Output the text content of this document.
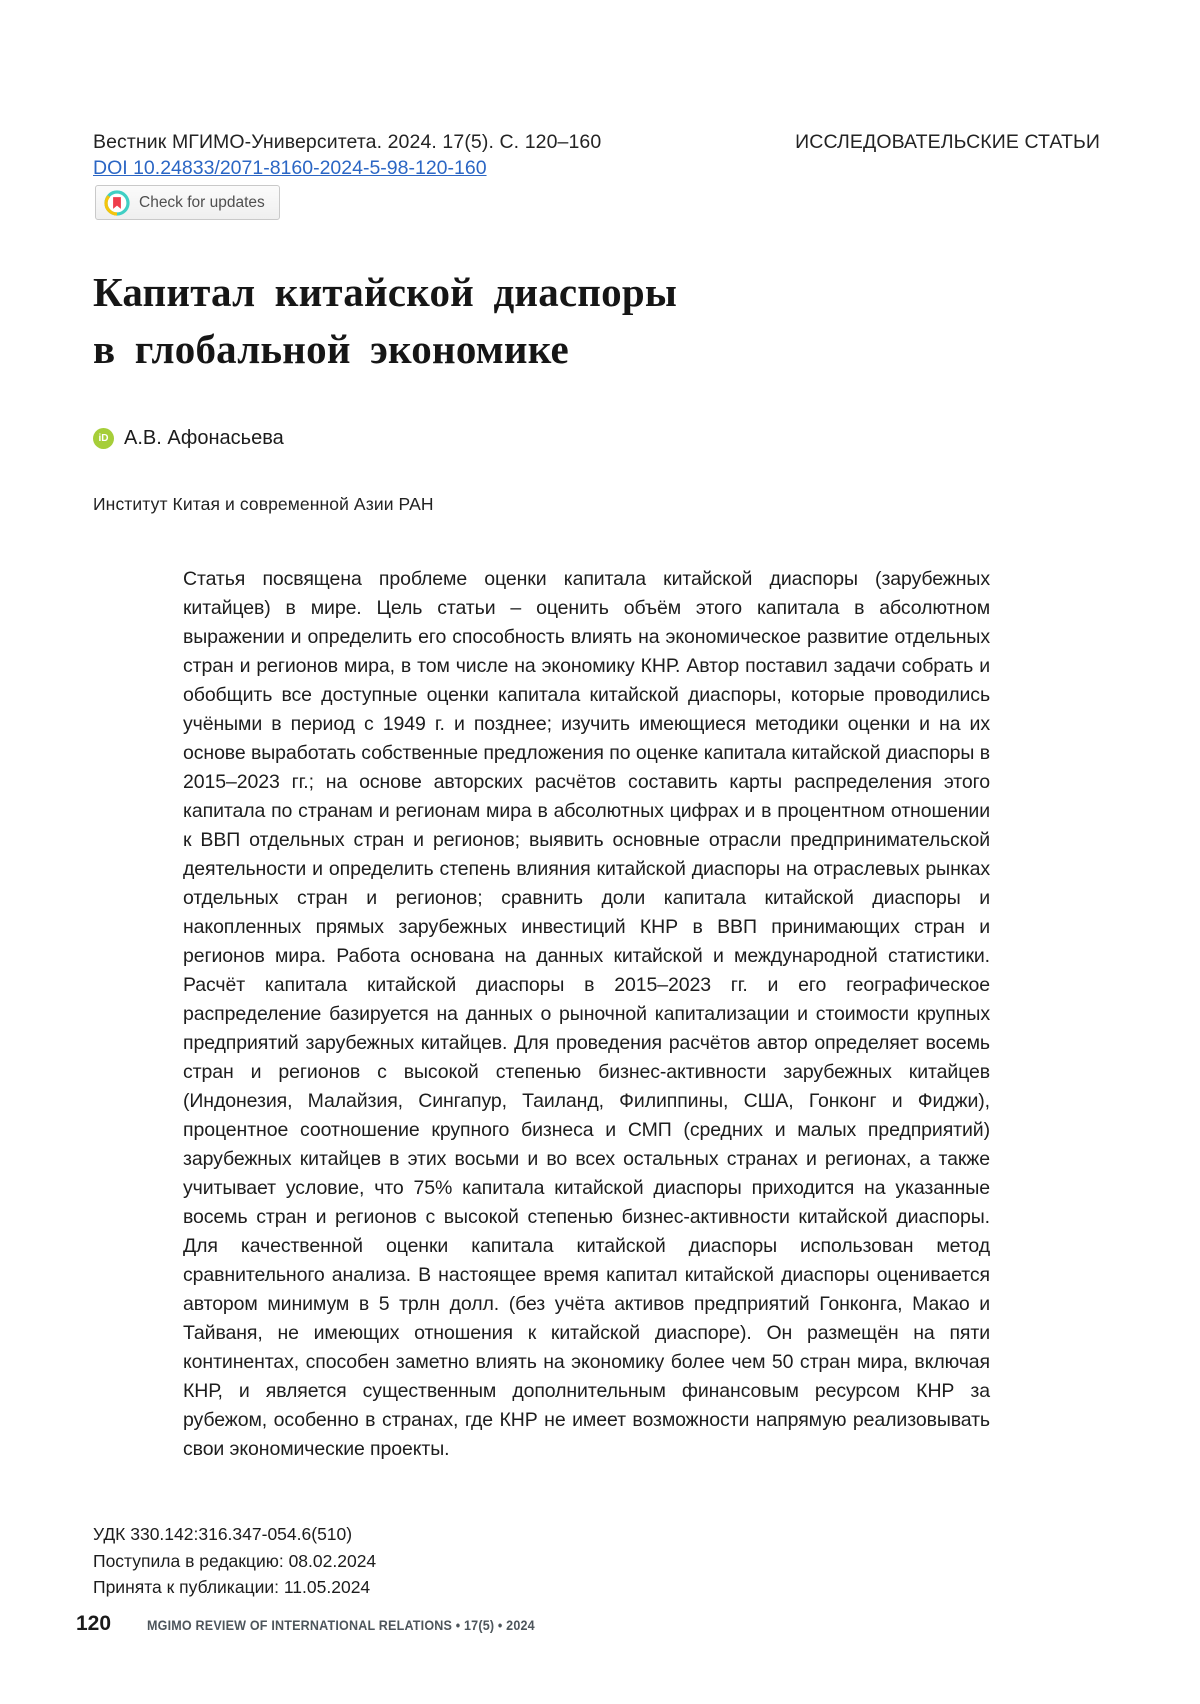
Вестник МГИМО-Университета. 2024. 17(5). С. 120–160	ИССЛЕДОВАТЕЛЬСКИЕ СТАТЬИ
DOI 10.24833/2071-8160-2024-5-98-120-160
Check for updates
Капитал китайской диаспоры
в глобальной экономике
iD А.В. Афонасьева
Институт Китая и современной Азии РАН
Статья посвящена проблеме оценки капитала китайской диаспоры (зарубежных китайцев) в мире. Цель статьи – оценить объём этого капитала в абсолютном выражении и определить его способность влиять на экономическое развитие отдельных стран и регионов мира, в том числе на экономику КНР. Автор поставил задачи собрать и обобщить все доступные оценки капитала китайской диаспоры, которые проводились учёными в период с 1949 г. и позднее; изучить имеющиеся методики оценки и на их основе выработать собственные предложения по оценке капитала китайской диаспоры в 2015–2023 гг.; на основе авторских расчётов составить карты распределения этого капитала по странам и регионам мира в абсолютных цифрах и в процентном отношении к ВВП отдельных стран и регионов; выявить основные отрасли предпринимательской деятельности и определить степень влияния китайской диаспоры на отраслевых рынках отдельных стран и регионов; сравнить доли капитала китайской диаспоры и накопленных прямых зарубежных инвестиций КНР в ВВП принимающих стран и регионов мира. Работа основана на данных китайской и международной статистики. Расчёт капитала китайской диаспоры в 2015–2023 гг. и его географическое распределение базируется на данных о рыночной капитализации и стоимости крупных предприятий зарубежных китайцев. Для проведения расчётов автор определяет восемь стран и регионов с высокой степенью бизнес-активности зарубежных китайцев (Индонезия, Малайзия, Сингапур, Таиланд, Филиппины, США, Гонконг и Фиджи), процентное соотношение крупного бизнеса и СМП (средних и малых предприятий) зарубежных китайцев в этих восьми и во всех остальных странах и регионах, а также учитывает условие, что 75% капитала китайской диаспоры приходится на указанные восемь стран и регионов с высокой степенью бизнес-активности китайской диаспоры. Для качественной оценки капитала китайской диаспоры использован метод сравнительного анализа. В настоящее время капитал китайской диаспоры оценивается автором минимум в 5 трлн долл. (без учёта активов предприятий Гонконга, Макао и Тайваня, не имеющих отношения к китайской диаспоре). Он размещён на пяти континентах, способен заметно влиять на экономику более чем 50 стран мира, включая КНР, и является существенным дополнительным финансовым ресурсом КНР за рубежом, особенно в странах, где КНР не имеет возможности напрямую реализовывать свои экономические проекты.
УДК 330.142:316.347-054.6(510)
Поступила в редакцию: 08.02.2024
Принята к публикации: 11.05.2024
120	MGIMO REVIEW OF INTERNATIONAL RELATIONS • 17(5) • 2024
